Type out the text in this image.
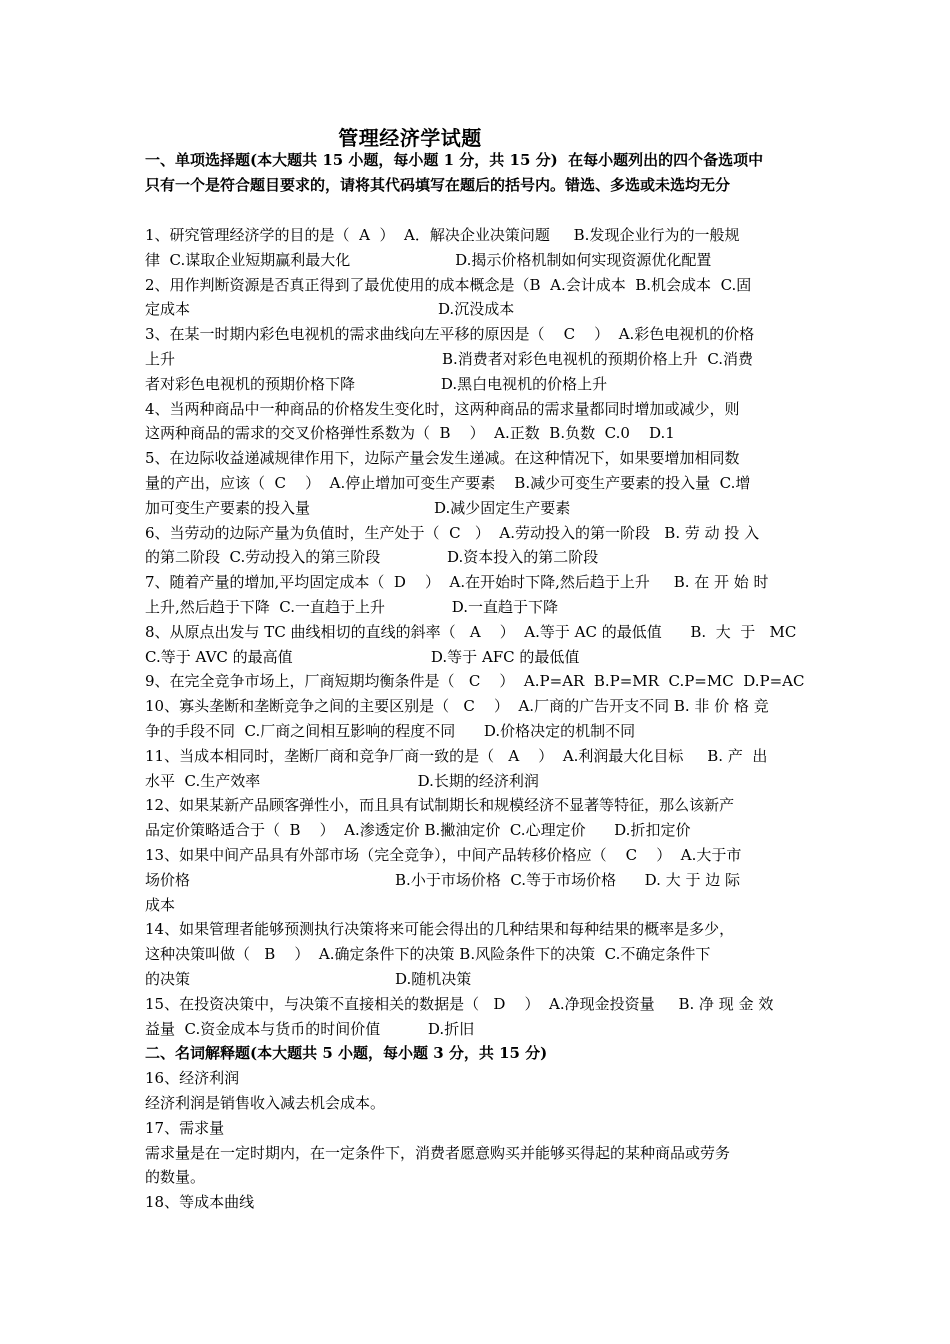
管理经济学试题
一、单项选择题(本大题共 15 小题，每小题 1 分，共 15 分)  在每小题列出的四个备选项中
只有一个是符合题目要求的，请将其代码填写在题后的括号内。错选、多选或未选均无分
1、研究管理经济学的目的是（  A  ）  A．解决企业决策问题     B.发现企业行为的一般规
律  C.谋取企业短期赢利最大化                      D.揭示价格机制如何实现资源优化配置
2、用作判断资源是否真正得到了最优使用的成本概念是（B  A.会计成本  B.机会成本  C.固
定成本                                                    D.沉没成本
3、在某一时期内彩色电视机的需求曲线向左平移的原因是（    C    ）  A.彩色电视机的价格
上升                                                        B.消费者对彩色电视机的预期价格上升  C.消费
者对彩色电视机的预期价格下降                  D.黑白电视机的价格上升
4、当两种商品中一种商品的价格发生变化时，这两种商品的需求量都同时增加或减少，则
这两种商品的需求的交叉价格弹性系数为（  B    ）  A.正数  B.负数  C.0    D.1
5、在边际收益递减规律作用下，边际产量会发生递减。在这种情况下，如果要增加相同数
量的产出，应该（  C    ）  A.停止增加可变生产要素    B.减少可变生产要素的投入量  C.增
加可变生产要素的投入量                          D.减少固定生产要素
6、当劳动的边际产量为负值时，生产处于（  C   ）  A.劳动投入的第一阶段   B. 劳 动 投 入
的第二阶段  C.劳动投入的第三阶段              D.资本投入的第二阶段
7、随着产量的增加,平均固定成本（  D    ）  A.在开始时下降,然后趋于上升     B. 在 开 始 时
上升,然后趋于下降  C.一直趋于上升              D.一直趋于下降
8、从原点出发与 TC 曲线相切的直线的斜率（   A    ）  A.等于 AC 的最低值      B.  大  于   MC
C.等于 AVC 的最高值                             D.等于 AFC 的最低值
9、在完全竞争市场上，厂商短期均衡条件是（   C    ）  A.P=AR  B.P=MR  C.P=MC  D.P=AC
10、寡头垄断和垄断竞争之间的主要区别是（   C    ）  A.厂商的广告开支不同 B. 非 价 格 竞
争的手段不同  C.厂商之间相互影响的程度不同      D.价格决定的机制不同
11、当成本相同时，垄断厂商和竞争厂商一致的是（   A    ）  A.利润最大化目标     B. 产  出
水平  C.生产效率                                 D.长期的经济利润
12、如果某新产品顾客弹性小，而且具有试制期长和规模经济不显著等特征，那么该新产
品定价策略适合于（  B    ）  A.渗透定价 B.撇油定价  C.心理定价      D.折扣定价
13、如果中间产品具有外部市场（完全竞争），中间产品转移价格应（    C    ）  A.大于市
场价格                                           B.小于市场价格  C.等于市场价格      D. 大 于 边 际
成本
14、如果管理者能够预测执行决策将来可能会得出的几种结果和每种结果的概率是多少，
这种决策叫做（   B    ）  A.确定条件下的决策 B.风险条件下的决策  C.不确定条件下
的决策                                           D.随机决策
15、在投资决策中，与决策不直接相关的数据是（   D    ）  A.净现金投资量     B. 净 现 金 效
益量  C.资金成本与货币的时间价值          D.折旧
二、名词解释题(本大题共 5 小题，每小题 3 分，共 15 分)
16、经济利润
经济利润是销售收入减去机会成本。
17、需求量
需求量是在一定时期内，在一定条件下，消费者愿意购买并能够买得起的某种商品或劳务
的数量。
18、等成本曲线
